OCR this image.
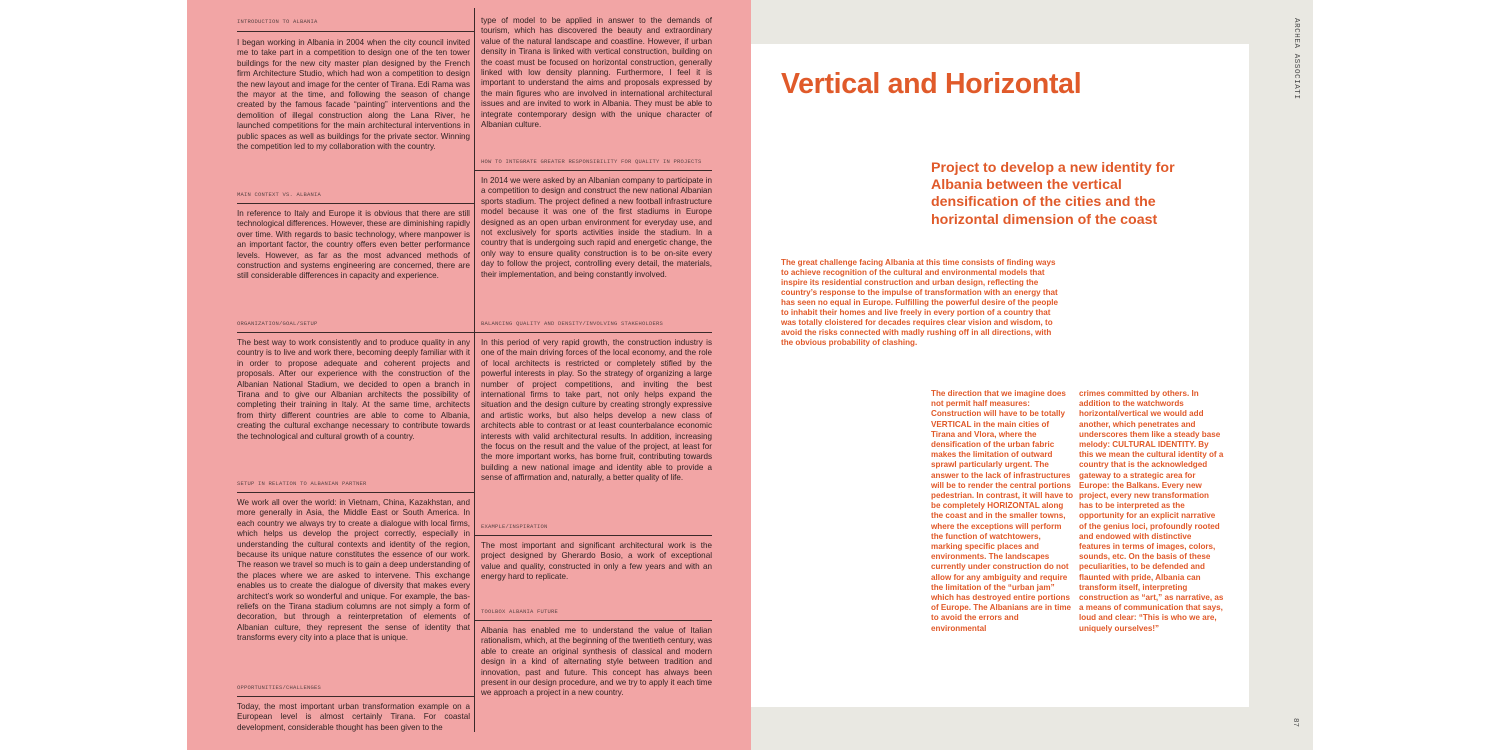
INTRODUCTION TO ALBANIA
I began working in Albania in 2004 when the city council invited me to take part in a competition to design one of the ten tower buildings for the new city master plan designed by the French firm Architecture Studio, which had won a competition to design the new layout and image for the center of Tirana. Edi Rama was the mayor at the time, and following the season of change created by the famous facade “painting” interventions and the demolition of illegal construction along the Lana River, he launched competitions for the main architectural interventions in public spaces as well as buildings for the private sector. Winning the competition led to my collaboration with the country.
MAIN CONTEXT VS. ALBANIA
In reference to Italy and Europe it is obvious that there are still technological differences. However, these are diminishing rapidly over time. With regards to basic technology, where manpower is an important factor, the country offers even better performance levels. However, as far as the most advanced methods of construction and systems engineering are concerned, there are still considerable differences in capacity and experience.
ORGANIZATION/GOAL/SETUP
The best way to work consistently and to produce quality in any country is to live and work there, becoming deeply familiar with it in order to propose adequate and coherent projects and proposals. After our experience with the construction of the Albanian National Stadium, we decided to open a branch in Tirana and to give our Albanian architects the possibility of completing their training in Italy. At the same time, architects from thirty different countries are able to come to Albania, creating the cultural exchange necessary to contribute towards the technological and cultural growth of a country.
SETUP IN RELATION TO ALBANIAN PARTNER
We work all over the world: in Vietnam, China, Kazakhstan, and more generally in Asia, the Middle East or South America. In each country we always try to create a dialogue with local firms, which helps us develop the project correctly, especially in understanding the cultural contexts and identity of the region, because its unique nature constitutes the essence of our work. The reason we travel so much is to gain a deep understanding of the places where we are asked to intervene. This exchange enables us to create the dialogue of diversity that makes every architect’s work so wonderful and unique. For example, the bas-reliefs on the Tirana stadium columns are not simply a form of decoration, but through a reinterpretation of elements of Albanian culture, they represent the sense of identity that transforms every city into a place that is unique.
OPPORTUNITIES/CHALLENGES
Today, the most important urban transformation example on a European level is almost certainly Tirana. For coastal development, considerable thought has been given to the
type of model to be applied in answer to the demands of tourism, which has discovered the beauty and extraordinary value of the natural landscape and coastline. However, if urban density in Tirana is linked with vertical construction, building on the coast must be focused on horizontal construction, generally linked with low density planning. Furthermore, I feel it is important to understand the aims and proposals expressed by the main figures who are involved in international architectural issues and are invited to work in Albania. They must be able to integrate contemporary design with the unique character of Albanian culture.
HOW TO INTEGRATE GREATER RESPONSIBILITY FOR QUALITY IN PROJECTS
In 2014 we were asked by an Albanian company to participate in a competition to design and construct the new national Albanian sports stadium. The project defined a new football infrastructure model because it was one of the first stadiums in Europe designed as an open urban environment for everyday use, and not exclusively for sports activities inside the stadium. In a country that is undergoing such rapid and energetic change, the only way to ensure quality construction is to be on-site every day to follow the project, controlling every detail, the materials, their implementation, and being constantly involved.
BALANCING QUALITY AND DENSITY/INVOLVING STAKEHOLDERS
In this period of very rapid growth, the construction industry is one of the main driving forces of the local economy, and the role of local architects is restricted or completely stifled by the powerful interests in play. So the strategy of organizing a large number of project competitions, and inviting the best international firms to take part, not only helps expand the situation and the design culture by creating strongly expressive and artistic works, but also helps develop a new class of architects able to contrast or at least counterbalance economic interests with valid architectural results. In addition, increasing the focus on the result and the value of the project, at least for the more important works, has borne fruit, contributing towards building a new national image and identity able to provide a sense of affirmation and, naturally, a better quality of life.
EXAMPLE/INSPIRATION
The most important and significant architectural work is the project designed by Gherardo Bosio, a work of exceptional value and quality, constructed in only a few years and with an energy hard to replicate.
TOOLBOX ALBANIA FUTURE
Albania has enabled me to understand the value of Italian rationalism, which, at the beginning of the twentieth century, was able to create an original synthesis of classical and modern design in a kind of alternating style between tradition and innovation, past and future. This concept has always been present in our design procedure, and we try to apply it each time we approach a project in a new country.
Vertical and Horizontal
Project to develop a new identity for Albania between the vertical densification of the cities and the horizontal dimension of the coast
The great challenge facing Albania at this time consists of finding ways to achieve recognition of the cultural and environmental models that inspire its residential construction and urban design, reflecting the country’s response to the impulse of transformation with an energy that has seen no equal in Europe. Fulfilling the powerful desire of the people to inhabit their homes and live freely in every portion of a country that was totally cloistered for decades requires clear vision and wisdom, to avoid the risks connected with madly rushing off in all directions, with the obvious probability of clashing.
The direction that we imagine does not permit half measures: Construction will have to be totally VERTICAL in the main cities of Tirana and Vlora, where the densification of the urban fabric makes the limitation of outward sprawl particularly urgent. The answer to the lack of infrastructures will be to render the central portions pedestrian. In contrast, it will have to be completely HORIZONTAL along the coast and in the smaller towns, where the exceptions will perform the function of watchtowers, marking specific places and environments. The landscapes currently under construction do not allow for any ambiguity and require the limitation of the “urban jam” which has destroyed entire portions of Europe. The Albanians are in time to avoid the errors and environmental
crimes committed by others. In addition to the watchwords horizontal/vertical we would add another, which penetrates and underscores them like a steady base melody: CULTURAL IDENTITY. By this we mean the cultural identity of a country that is the acknowledged gateway to a strategic area for Europe: the Balkans. Every new project, every new transformation has to be interpreted as the opportunity for an explicit narrative of the genius loci, profoundly rooted and endowed with distinctive features in terms of images, colors, sounds, etc. On the basis of these peculiarities, to be defended and flaunted with pride, Albania can transform itself, interpreting construction as “art,” as narrative, as a means of communication that says, loud and clear: “This is who we are, uniquely ourselves!”
ARCHEA ASSOCIATI
87
